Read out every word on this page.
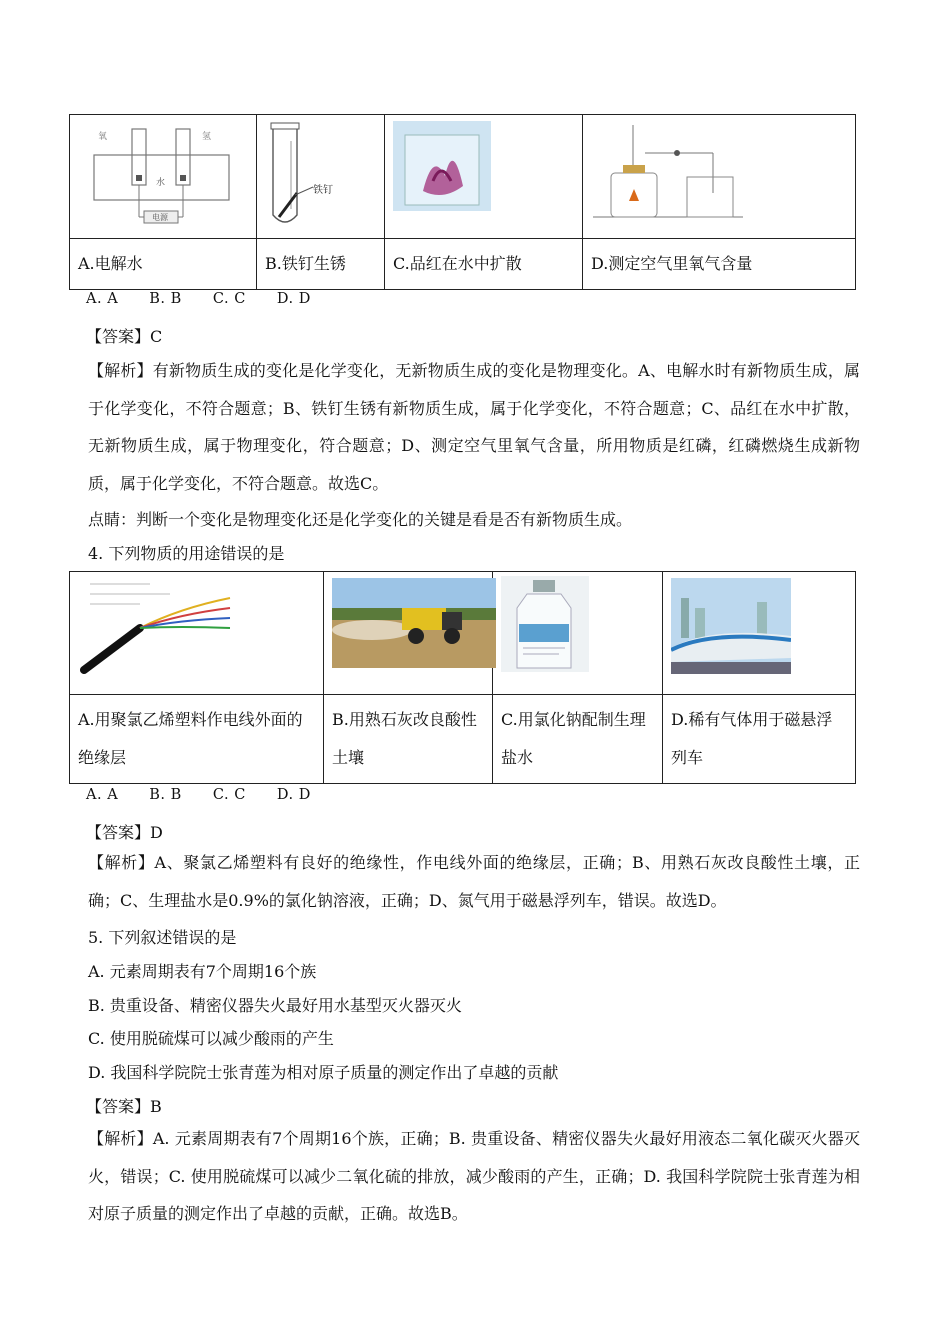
氧 氢
水
电源	铁钉

A.电解水	B.铁钉生锈	C.品红在水中扩散	D.测定空气里氧气含量
A. A B. B C. C D. D
【答案】C
【解析】有新物质生成的变化是化学变化，无新物质生成的变化是物理变化。A、电解水时有新物质生成，属于化学变化，不符合题意；B、铁钉生锈有新物质生成，属于化学变化，不符合题意；C、品红在水中扩散，无新物质生成，属于物理变化，符合题意；D、测定空气里氧气含量，所用物质是红磷，红磷燃烧生成新物质，属于化学变化，不符合题意。故选C。
点睛：判断一个变化是物理变化还是化学变化的关键是看是否有新物质生成。
4. 下列物质的用途错误的是

A.用聚氯乙烯塑料作电线外面的绝缘层	B.用熟石灰改良酸性土壤	C.用氯化钠配制生理盐水	D.稀有气体用于磁悬浮列车
A. A B. B C. C D. D
【答案】D
【解析】A、聚氯乙烯塑料有良好的绝缘性，作电线外面的绝缘层，正确；B、用熟石灰改良酸性土壤，正确；C、生理盐水是0.9%的氯化钠溶液，正确；D、氮气用于磁悬浮列车，错误。故选D。
5. 下列叙述错误的是
A. 元素周期表有7个周期16个族
B. 贵重设备、精密仪器失火最好用水基型灭火器灭火
C. 使用脱硫煤可以减少酸雨的产生
D. 我国科学院院士张青莲为相对原子质量的测定作出了卓越的贡献
【答案】B
【解析】A. 元素周期表有7个周期16个族，正确；B. 贵重设备、精密仪器失火最好用液态二氧化碳灭火器灭火，错误；C. 使用脱硫煤可以减少二氧化硫的排放，减少酸雨的产生，正确；D. 我国科学院院士张青莲为相对原子质量的测定作出了卓越的贡献，正确。故选B。
